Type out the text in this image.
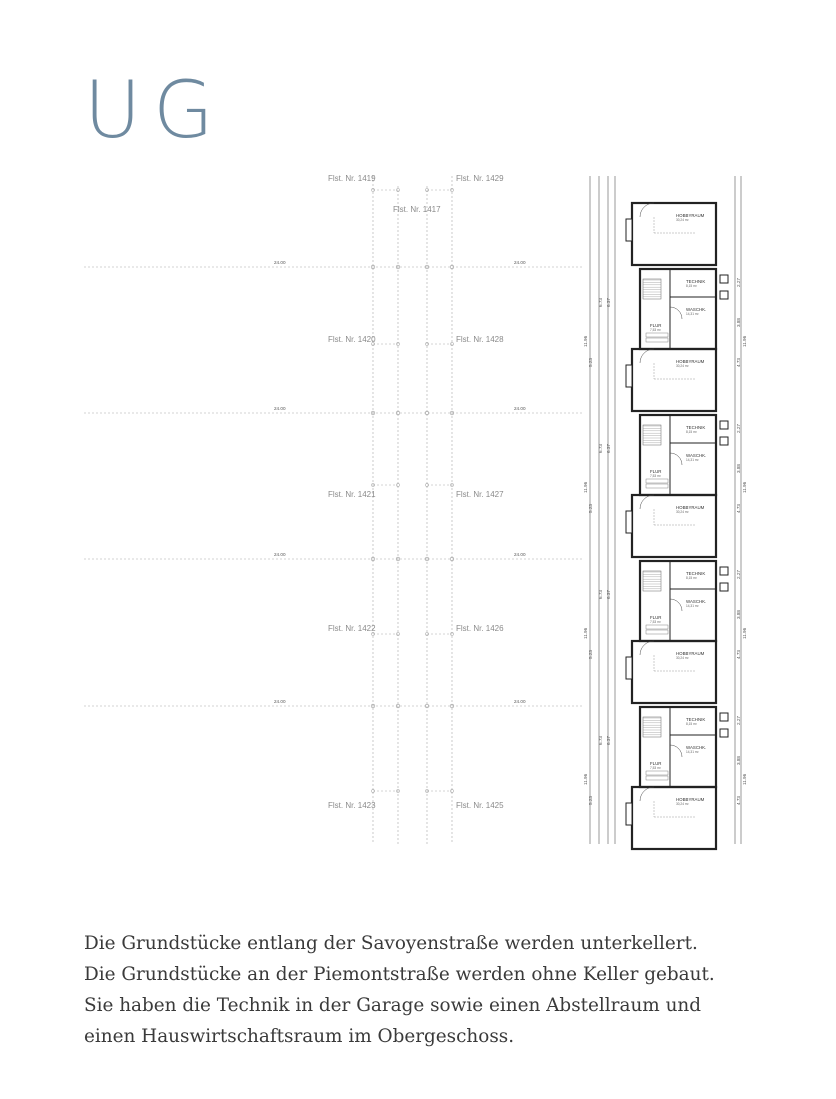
UG
24.00	24.00
24.00	24.00
24.00	24.00
24.00	24.00
Flst. Nr. 1419
Flst. Nr. 1420
Flst. Nr. 1421
Flst. Nr. 1422
Flst. Nr. 1423
Flst. Nr. 1429
Flst. Nr. 1428
Flst. Nr. 1427
Flst. Nr. 1426
Flst. Nr. 1425
Flst. Nr. 1417
HOBBYRAUM
30,24 m²
TECHNIK
8,15 m²
WASCHK.
14,31 m²
FLUR
7,53 m²
HOBBYRAUM
30,24 m²
5.23
6.73 6.37
11.96
4.73
2.27
11.96
3.88
TECHNIK
8,15 m²
WASCHK.
14,31 m²
FLUR
7,53 m²
HOBBYRAUM
30,24 m²
5.23
6.73 6.37
11.96
4.73
2.27
11.96
3.88
TECHNIK
8,15 m²
WASCHK.
14,31 m²
FLUR
7,53 m²
HOBBYRAUM
30,24 m²
5.23
6.73 6.37
11.96
4.73
2.27
11.96
3.88
TECHNIK
8,15 m²
WASCHK.
14,31 m²
FLUR
7,53 m²
HOBBYRAUM
30,24 m²
5.23
6.73 6.37
11.96
4.73
2.27
11.96
3.88

Die Grundstücke entlang der Savoyenstraße werden unterkellert. Die Grundstücke an der Piemontstraße werden ohne Keller gebaut. Sie haben die Technik in der Garage sowie einen Abstellraum und einen Hauswirtschaftsraum im Obergeschoss.
